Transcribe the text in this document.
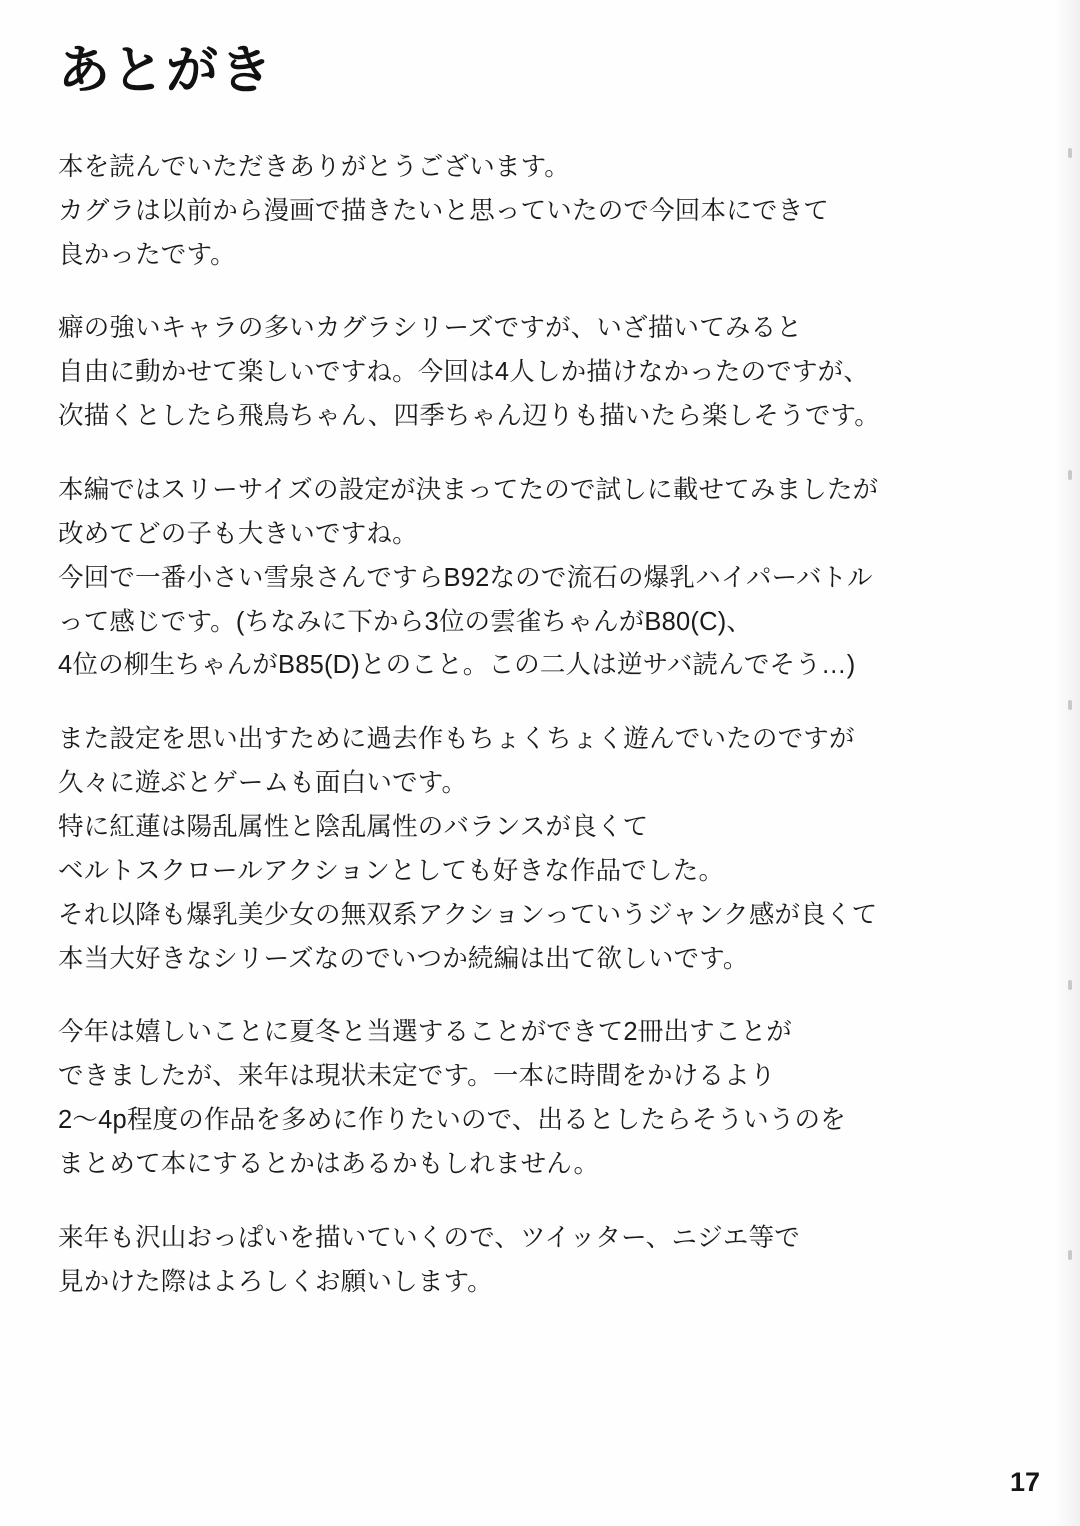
あとがき

本を読んでいただきありがとうございます。

カグラは以前から漫画で描きたいと思っていたので今回本にできて

良かったです。

癖の強いキャラの多いカグラシリーズですが、いざ描いてみると

自由に動かせて楽しいですね。今回は4人しか描けなかったのですが、

次描くとしたら飛鳥ちゃん、四季ちゃん辺りも描いたら楽しそうです。

本編ではスリーサイズの設定が決まってたので試しに載せてみましたが

改めてどの子も大きいですね。

今回で一番小さい雪泉さんですらB92なので流石の爆乳ハイパーバトル

って感じです。(ちなみに下から3位の雲雀ちゃんがB80(C)、

4位の柳生ちゃんがB85(D)とのこと。この二人は逆サバ読んでそう…)

また設定を思い出すために過去作もちょくちょく遊んでいたのですが

久々に遊ぶとゲームも面白いです。

特に紅蓮は陽乱属性と陰乱属性のバランスが良くて

ベルトスクロールアクションとしても好きな作品でした。

それ以降も爆乳美少女の無双系アクションっていうジャンク感が良くて

本当大好きなシリーズなのでいつか続編は出て欲しいです。

今年は嬉しいことに夏冬と当選することができて2冊出すことが

できましたが、来年は現状未定です。一本に時間をかけるより

2〜4p程度の作品を多めに作りたいので、出るとしたらそういうのを

まとめて本にするとかはあるかもしれません。

来年も沢山おっぱいを描いていくので、ツイッター、ニジエ等で

見かけた際はよろしくお願いします。

17
